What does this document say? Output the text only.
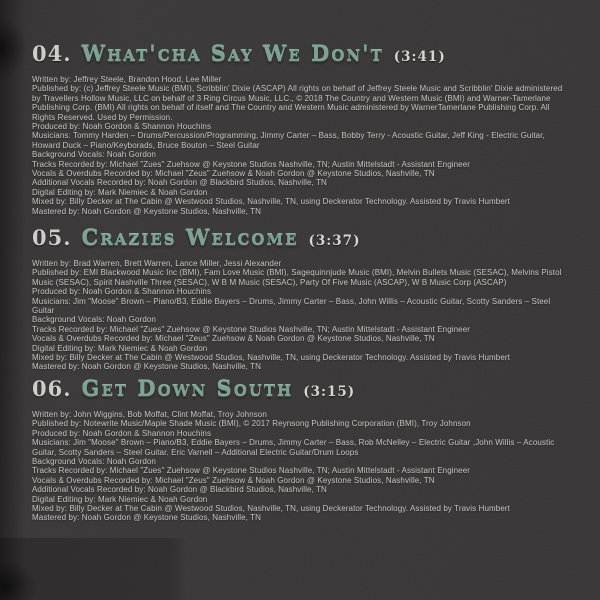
04. What'cha Say We Don't (3:41)
Written by: Jeffrey Steele, Brandon Hood, Lee Miller
Published by: (c) Jeffrey Steele Music (BMI), Scribblin' Dixie (ASCAP) All rights on behalf of Jeffrey Steele Music and Scribblin' Dixie administered by Travellers Hollow Music, LLC on behalf of 3 Ring Circus Music, LLC., © 2018 The Country and Western Music (BMI) and Warner-Tamerlane Publishing Corp. (BMI) All rights on behalf of itself and The Country and Western Music administered by WarnerTamerlane Publishing Corp. All Rights Reserved. Used by Permission.
Produced by: Noah Gordon & Shannon Houchins
Musicians: Tommy Harden – Drums/Percussion/Programming, Jimmy Carter – Bass, Bobby Terry - Acoustic Guitar, Jeff King - Electric Guitar, Howard Duck – Piano/Keyborads, Bruce Bouton – Steel Guitar
Background Vocals: Noah Gordon
Tracks Recorded by: Michael "Zues" Zuehsow @ Keystone Studios Nashville, TN; Austin Mittelstadt - Assistant Engineer
Vocals & Overdubs Recorded by: Michael "Zeus" Zuehsow & Noah Gordon @ Keystone Studios, Nashville, TN
Additional Vocals Recorded by: Noah Gordon @ Blackbird Studios, Nashville, TN
Digital Editing by: Mark Niemiec & Noah Gordon
Mixed by: Billy Decker at The Cabin @ Westwood Studios, Nashville, TN, using Deckerator Technology. Assisted by Travis Humbert
Mastered by: Noah Gordon @ Keystone Studios, Nashville, TN
05. Crazies Welcome (3:37)
Written by: Brad Warren, Brett Warren, Lance Miller, Jessi Alexander
Published by: EMI Blackwood Music Inc (BMI), Fam Love Music (BMI), Sagequinnjude Music (BMI), Melvin Bullets Music (SESAC), Melvins Pistol Music (SESAC), Spirit Nashville Three (SESAC), W B M Music (SESAC), Party Of Five Music (ASCAP), W B Music Corp (ASCAP)
Produced by: Noah Gordon & Shannon Houchins
Musicians: Jim "Moose" Brown – Piano/B3, Eddie Bayers – Drums, Jimmy Carter – Bass, John Willis – Acoustic Guitar, Scotty Sanders – Steel Guitar
Background Vocals: Noah Gordon
Tracks Recorded by: Michael "Zues" Zuehsow @ Keystone Studios Nashville, TN; Austin Mittelstadt - Assistant Engineer
Vocals & Overdubs Recorded by: Michael "Zeus" Zuehsow & Noah Gordon @ Keystone Studios, Nashville, TN
Digital Editing by: Mark Niemiec & Noah Gordon
Mixed by: Billy Decker at The Cabin @ Westwood Studios, Nashville, TN, using Deckerator Technology. Assisted by Travis Humbert
Mastered by: Noah Gordon @ Keystone Studios, Nashville, TN
06. Get Down South (3:15)
Written by: John Wiggins, Bob Moffat, Clint Moffat, Troy Johnson
Published by: Notewrite Music/Maple Shade Music (BMI), © 2017 Reynsong Publishing Corporation (BMI), Troy Johnson
Produced by: Noah Gordon & Shannon Houchins
Musicians: Jim "Moose" Brown – Piano/B3, Eddie Bayers – Drums, Jimmy Carter – Bass, Rob McNelley – Electric Guitar ,John Willis – Acoustic Guitar, Scotty Sanders – Steel Guitar. Eric Varnell – Additional Electric Guitar/Drum Loops
Background Vocals: Noah Gordon
Tracks Recorded by: Michael "Zues" Zuehsow @ Keystone Studios Nashville, TN; Austin Mittelstadt - Assistant Engineer
Vocals & Overdubs Recorded by: Michael "Zeus" Zuehsow & Noah Gordon @ Keystone Studios, Nashville, TN
Additional Vocals Recorded by: Noah Gordon @ Blackbird Studios, Nashville, TN
Digital Editing by: Mark Niemiec & Noah Gordon
Mixed by: Billy Decker at The Cabin @ Westwood Studios, Nashville, TN, using Deckerator Technology. Assisted by Travis Humbert
Mastered by: Noah Gordon @ Keystone Studios, Nashville, TN
